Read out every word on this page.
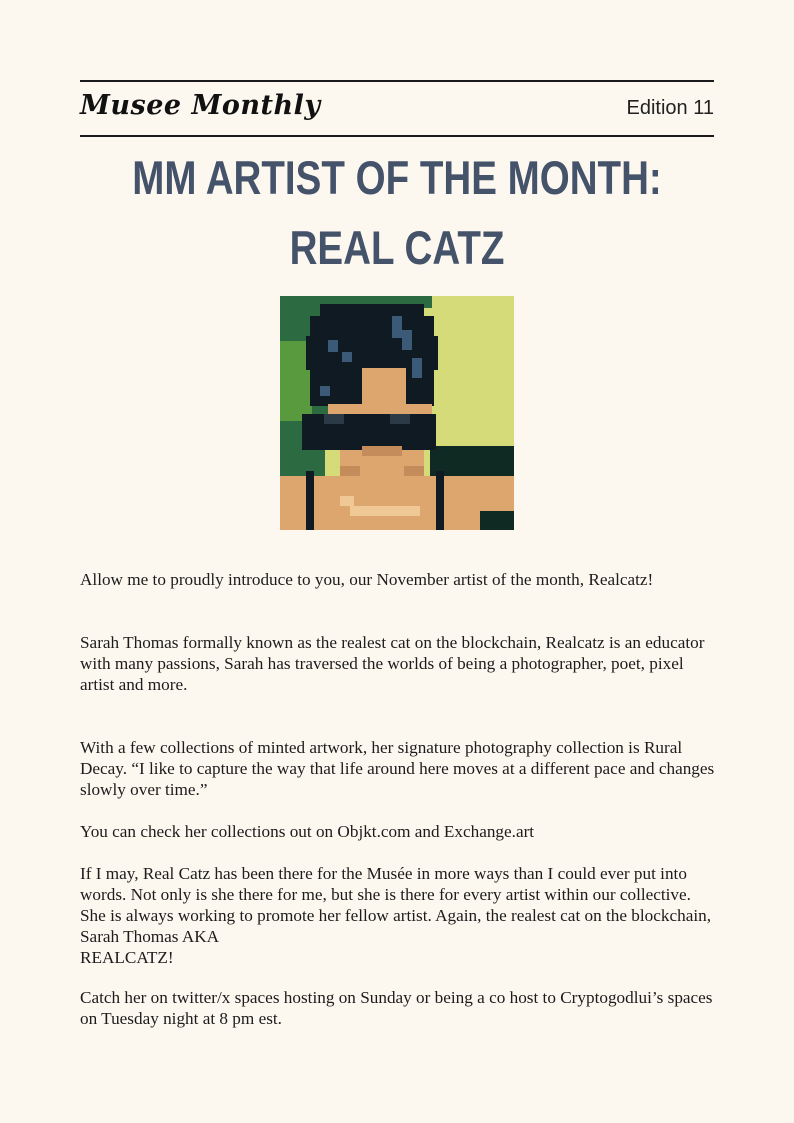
Musee Monthly	Edition 11
MM ARTIST OF THE MONTH:
REAL CATZ

Allow me to proudly introduce to you, our November artist of the month, Realcatz!

Sarah Thomas formally known as the realest cat on the blockchain, Realcatz is an educator with many passions, Sarah has traversed the worlds of being a photographer, poet, pixel artist and more.

With a few collections of minted artwork, her signature photography collection is Rural Decay. “I like to capture the way that life around here moves at a different pace and changes slowly over time.”

You can check her collections out on Objkt.com and Exchange.art

If I may, Real Catz has been there for the Musée in more ways than I could ever put into words. Not only is she there for me, but she is there for every artist within our collective. She is always working to promote her fellow artist. Again, the realest cat on the blockchain, Sarah Thomas AKA
REALCATZ!

Catch her on twitter/x spaces hosting on Sunday or being a co host to Cryptogodlui’s spaces on Tuesday night at 8 pm est.
